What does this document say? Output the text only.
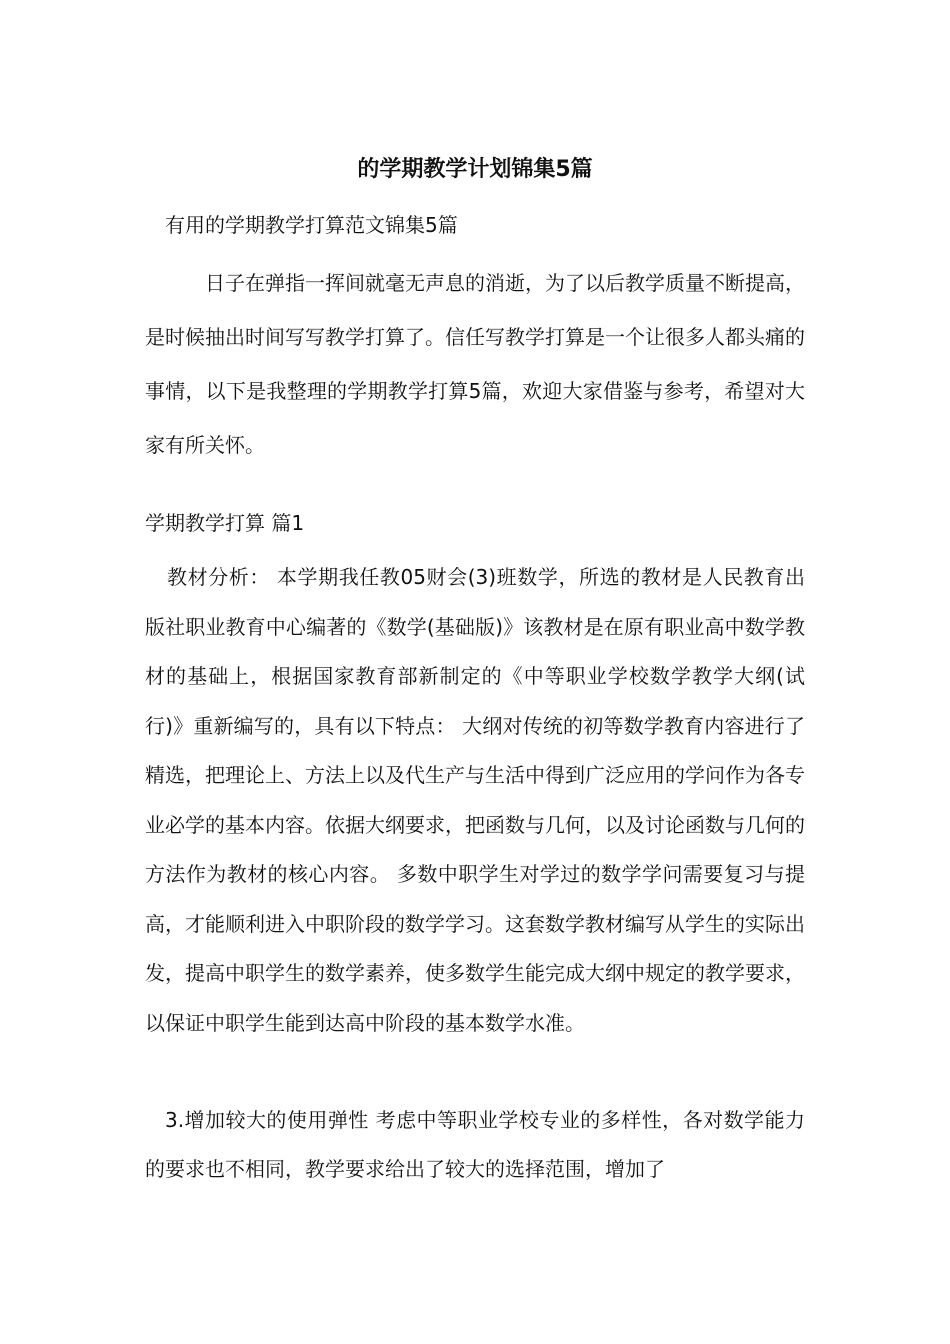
的学期教学计划锦集5篇

有用的学期教学打算范文锦集5篇

日子在弹指一挥间就毫无声息的消逝，为了以后教学质量不断提高，是时候抽出时间写写教学打算了。信任写教学打算是一个让很多人都头痛的事情，以下是我整理的学期教学打算5篇，欢迎大家借鉴与参考，希望对大家有所关怀。

学期教学打算 篇1

教材分析： 本学期我任教05财会(3)班数学，所选的教材是人民教育出版社职业教育中心编著的《数学(基础版)》该教材是在原有职业高中数学教材的基础上，根据国家教育部新制定的《中等职业学校数学教学大纲(试行)》重新编写的，具有以下特点： 大纲对传统的初等数学教育内容进行了精选，把理论上、方法上以及代生产与生活中得到广泛应用的学问作为各专业必学的基本内容。依据大纲要求，把函数与几何，以及讨论函数与几何的方法作为教材的核心内容。 多数中职学生对学过的数学学问需要复习与提高，才能顺利进入中职阶段的数学学习。这套数学教材编写从学生的实际出发，提高中职学生的数学素养，使多数学生能完成大纲中规定的教学要求，以保证中职学生能到达高中阶段的基本数学水准。

3.增加较大的使用弹性 考虑中等职业学校专业的多样性，各对数学能力的要求也不相同，教学要求给出了较大的选择范围，增加了
